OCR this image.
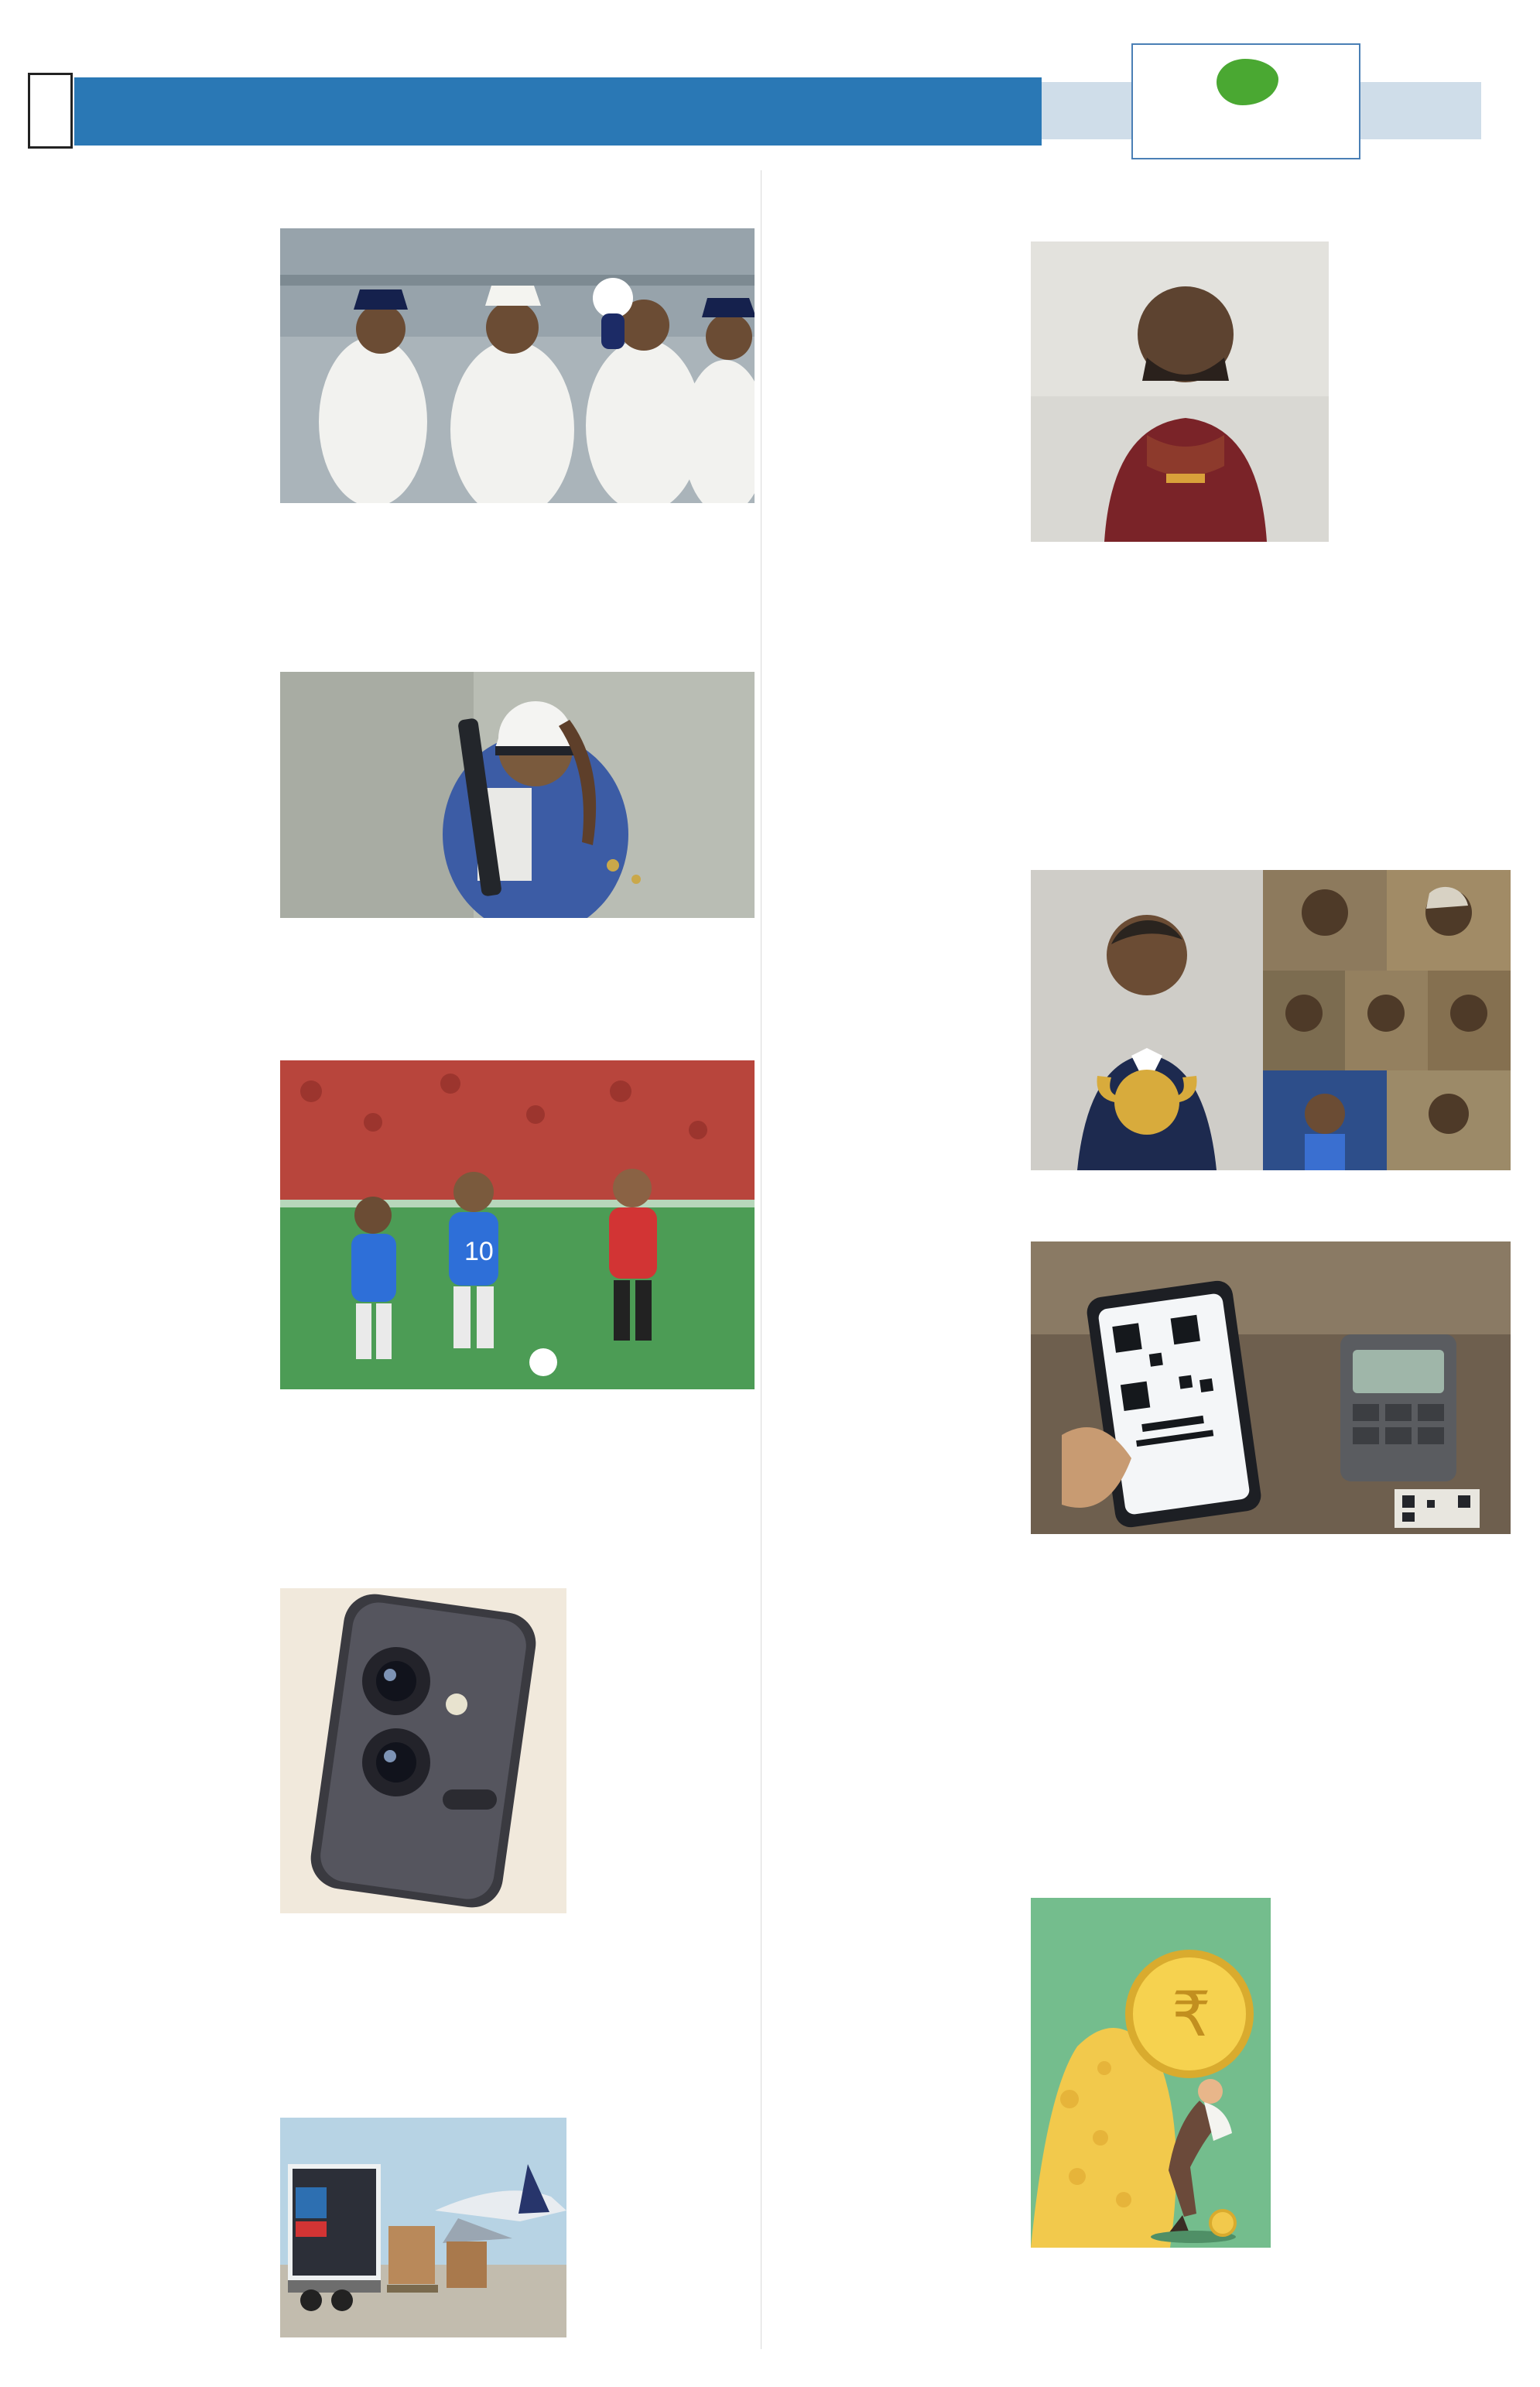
10
₹
